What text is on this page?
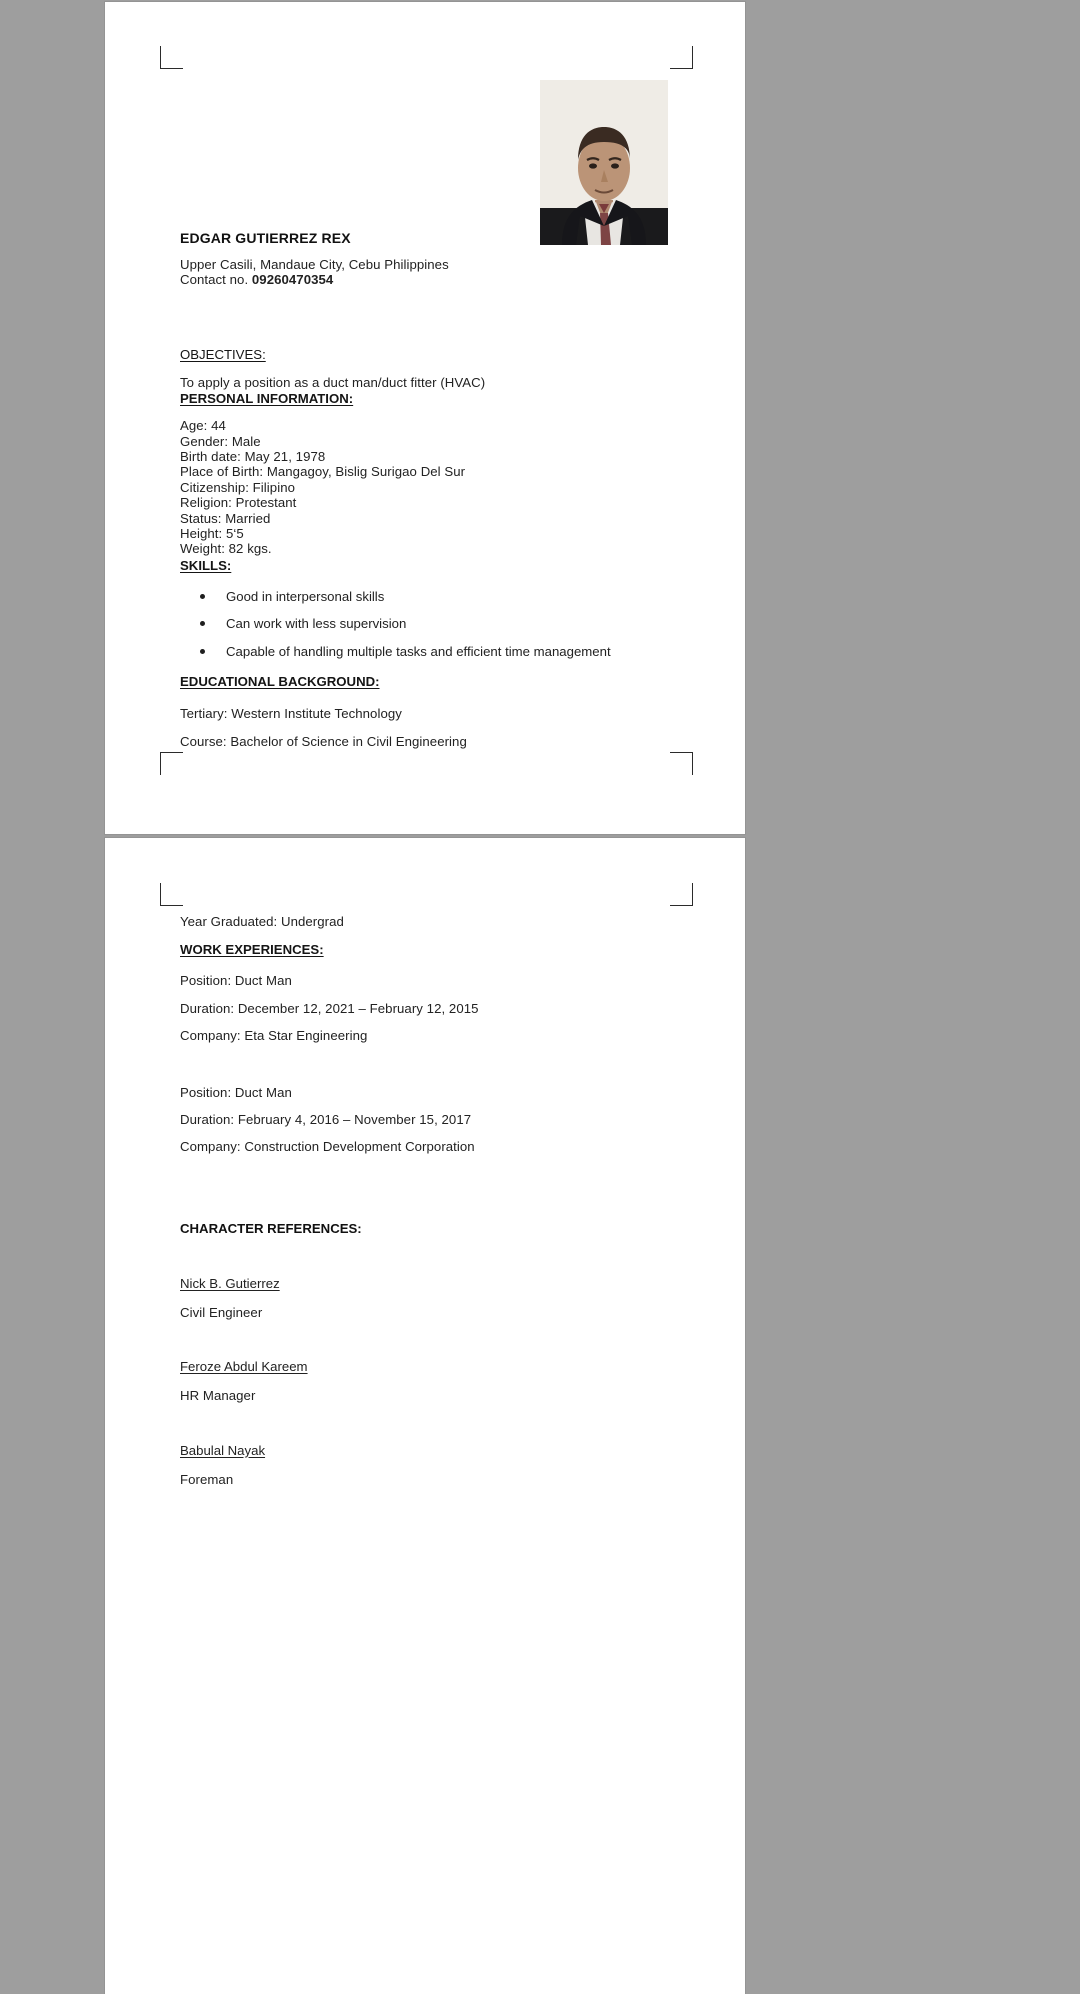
EDGAR GUTIERREZ REX
Upper Casili, Mandaue City, Cebu Philippines
Contact no. 09260470354
OBJECTIVES:
To apply a position as a duct man/duct fitter (HVAC)
PERSONAL INFORMATION:
Age: 44
Gender: Male
Birth date: May 21, 1978
Place of Birth: Mangagoy, Bislig Surigao Del Sur
Citizenship: Filipino
Religion: Protestant
Status: Married
Height: 5‘5
Weight: 82 kgs.
SKILLS:
Good in interpersonal skills
Can work with less supervision
Capable of handling multiple tasks and efficient time management
EDUCATIONAL BACKGROUND:
Tertiary: Western Institute Technology
Course: Bachelor of Science in Civil Engineering
Year Graduated: Undergrad
WORK EXPERIENCES:
Position: Duct Man
Duration: December 12, 2021 – February 12, 2015
Company: Eta Star Engineering
Position: Duct Man
Duration: February 4, 2016 – November 15, 2017
Company: Construction Development Corporation
CHARACTER REFERENCES:
Nick B. Gutierrez
Civil Engineer
Feroze Abdul Kareem
HR Manager
Babulal Nayak
Foreman
